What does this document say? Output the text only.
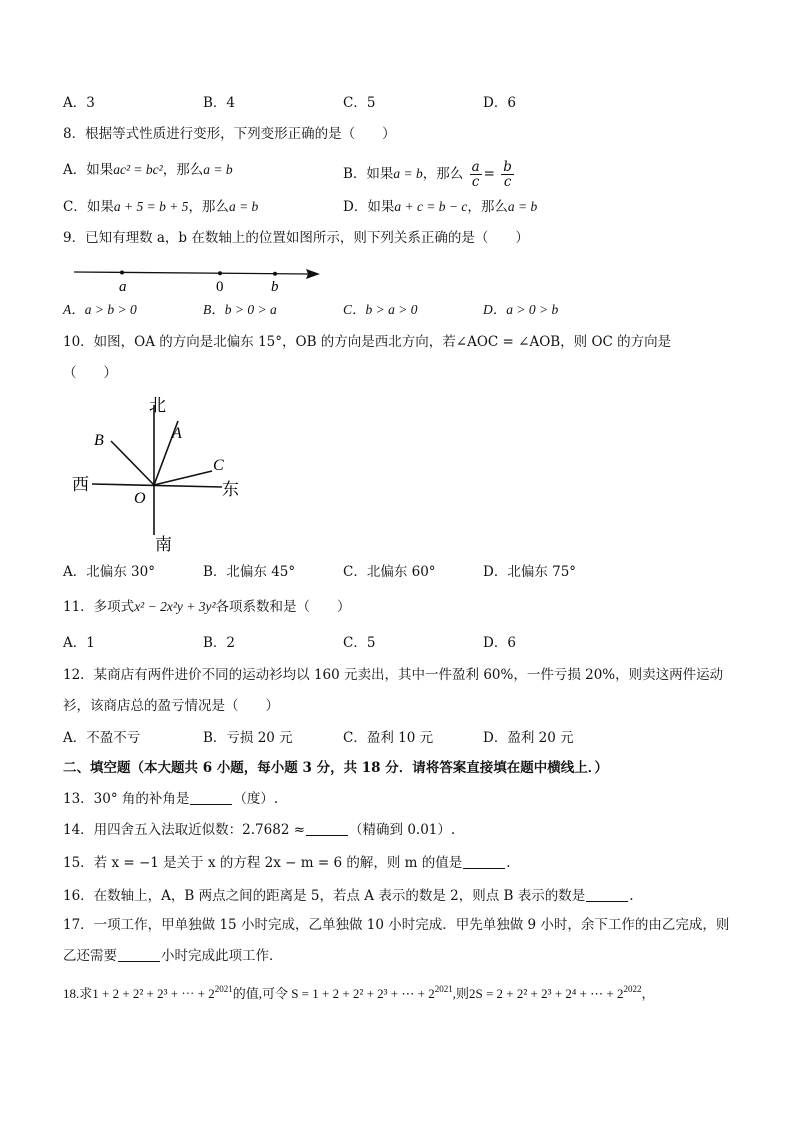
A．3	B．4	C．5	D．6
8．根据等式性质进行变形，下列变形正确的是（　　）
A．如果ac² = bc²，那么a = b	B．如果a = b，那么 $\frac{a}{c} = \frac{b}{c}$
C．如果a + 5 = b + 5，那么a = b	D．如果a + c = b − c，那么a = b
9．已知有理数 a，b 在数轴上的位置如图所示，则下列关系正确的是（　　）
a	0	b
A．a > b > 0	B．b > 0 > a	C．b > a > 0	D．a > 0 > b
10．如图，OA 的方向是北偏东 15°，OB 的方向是西北方向，若∠AOC = ∠AOB，则 OC 的方向是
（　　）
北
南
西	东
A
B
C
O
A．北偏东 30°	B．北偏东 45°	C．北偏东 60°	D．北偏东 75°
11．多项式x² − 2x²y + 3y²各项系数和是（　　）
A．1	B．2	C．5	D．6
12．某商店有两件进价不同的运动衫均以 160 元卖出，其中一件盈利 60%，一件亏损 20%，则卖这两件运动
衫，该商店总的盈亏情况是（　　）
A．不盈不亏	B．亏损 20 元	C．盈利 10 元	D．盈利 20 元
二、填空题（本大题共 6 小题，每小题 3 分，共 18 分．请将答案直接填在题中横线上．）
13．30° 角的补角是	（度）.
14．用四舍五入法取近似数：2.7682 ≈	（精确到 0.01）.
15．若 x = −1 是关于 x 的方程 2x − m = 6 的解，则 m 的值是	.
16．在数轴上，A，B 两点之间的距离是 5，若点 A 表示的数是 2，则点 B 表示的数是	.
17．一项工作，甲单独做 15 小时完成，乙单独做 10 小时完成．甲先单独做 9 小时，余下工作的由乙完成，则
乙还需要	小时完成此项工作．
18.求1 + 2 + 2² + 2³ + ⋯ + $2^{2021}$的值,可令 S = 1 + 2 + 2² + 2³ + ⋯ + $2^{2021}$,则2S = 2 + 2² + 2³ + 2⁴ + ⋯ + $2^{2022}$，
